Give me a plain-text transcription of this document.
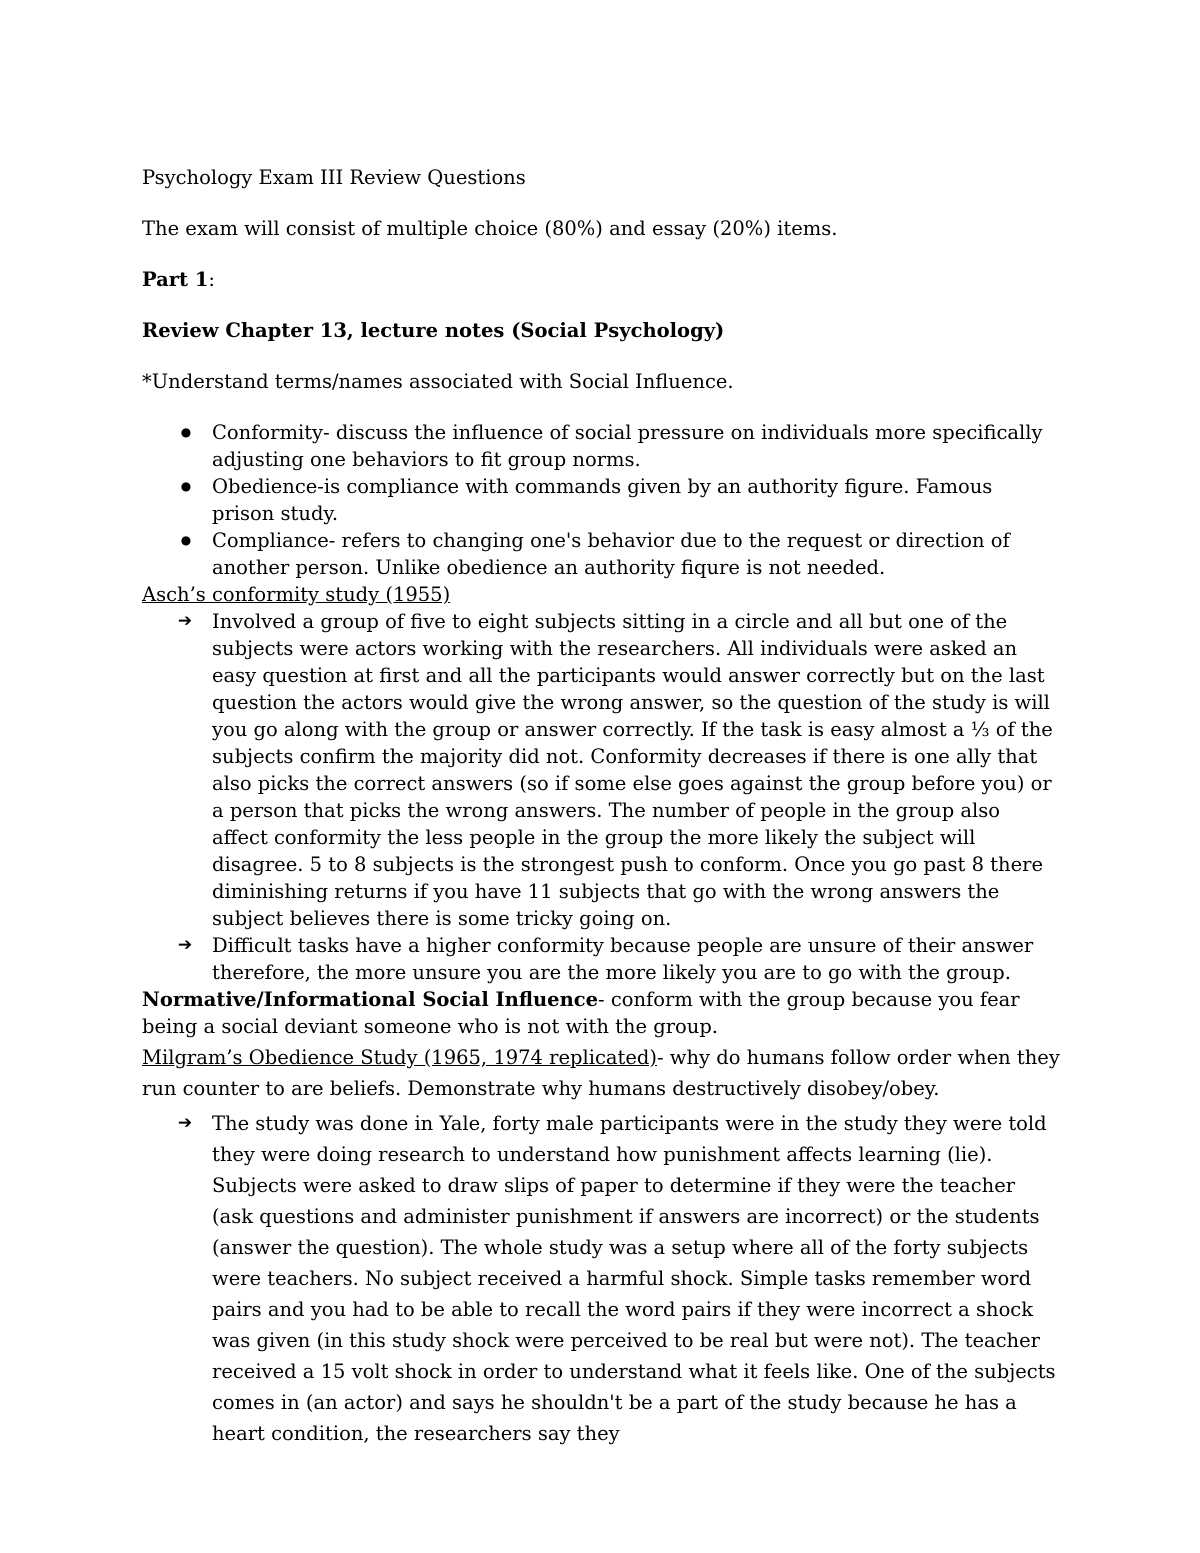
Psychology Exam III Review Questions

The exam will consist of multiple choice (80%) and essay (20%) items.

Part 1:

Review Chapter 13, lecture notes (Social Psychology)

*Understand terms/names associated with Social Influence.

● Conformity- discuss the influence of social pressure on individuals more specifically adjusting one behaviors to fit group norms.
● Obedience-is compliance with commands given by an authority figure. Famous prison study.
● Compliance- refers to changing one's behavior due to the request or direction of another person. Unlike obedience an authority fiqure is not needed.

Asch’s conformity study (1955)

➔ Involved a group of five to eight subjects sitting in a circle and all but one of the subjects were actors working with the researchers. All individuals were asked an easy question at first and all the participants would answer correctly but on the last question the actors would give the wrong answer, so the question of the study is will you go along with the group or answer correctly. If the task is easy almost a ⅓ of the subjects confirm the majority did not. Conformity decreases if there is one ally that also picks the correct answers (so if some else goes against the group before you) or a person that picks the wrong answers. The number of people in the group also affect conformity the less people in the group the more likely the subject will disagree. 5 to 8 subjects is the strongest push to conform. Once you go past 8 there diminishing returns if you have 11 subjects that go with the wrong answers the subject believes there is some tricky going on.
➔ Difficult tasks have a higher conformity because people are unsure of their answer therefore, the more unsure you are the more likely you are to go with the group.

Normative/Informational Social Influence- conform with the group because you fear being a social deviant someone who is not with the group.

Milgram’s Obedience Study (1965, 1974 replicated)- why do humans follow order when they run counter to are beliefs. Demonstrate why humans destructively disobey/obey.

➔ The study was done in Yale, forty male participants were in the study they were told they were doing research to understand how punishment affects learning (lie). Subjects were asked to draw slips of paper to determine if they were the teacher (ask questions and administer punishment if answers are incorrect) or the students (answer the question). The whole study was a setup where all of the forty subjects were teachers. No subject received a harmful shock. Simple tasks remember word pairs and you had to be able to recall the word pairs if they were incorrect a shock was given (in this study shock were perceived to be real but were not). The teacher received a 15 volt shock in order to understand what it feels like. One of the subjects comes in (an actor) and says he shouldn't be a part of the study because he has a heart condition, the researchers say they
